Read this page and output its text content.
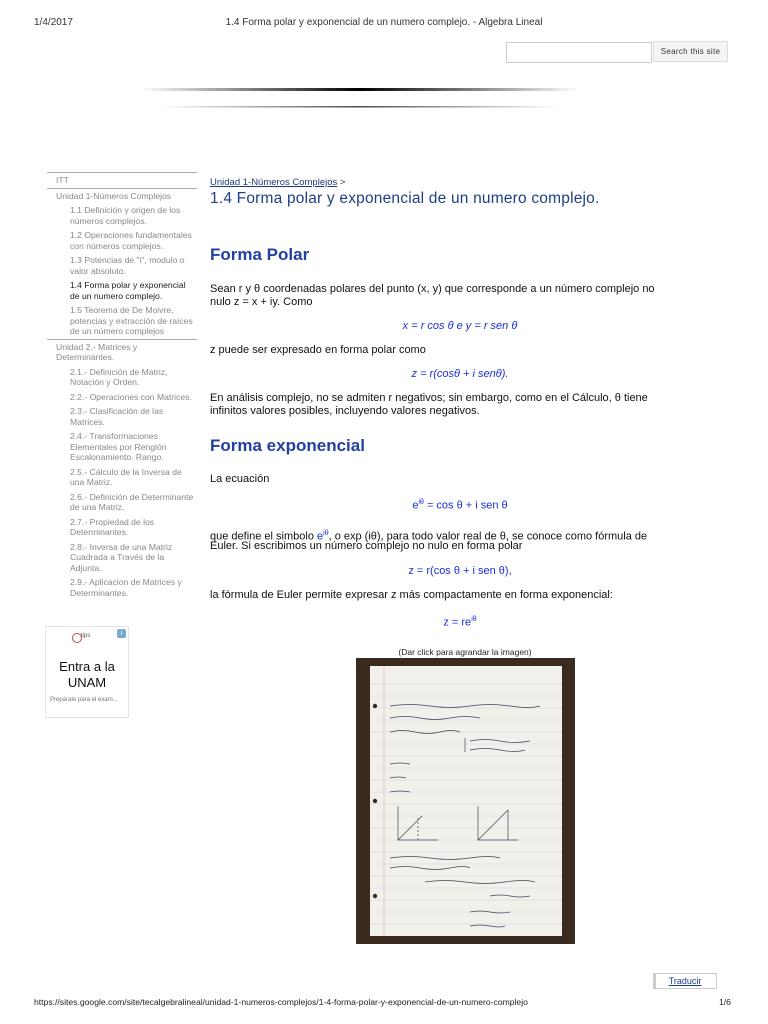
1/4/2017	1.4 Forma polar y exponencial de un numero complejo. - Algebra Lineal
Search this site
ITT
Unidad 1-Números Complejos
1.1 Definición y origen de los números complejos.
1.2 Operaciones fundamentales con números complejos.
1.3 Potencias de "i", modulo o valor absoluto.
1.4 Forma polar y exponencial de un numero complejo.
1.5 Teorema de De Moivre, potencias y extracción de raíces de un número complejos
Unidad 2.- Matrices y Determinantes.
2.1.- Definición de Matriz, Notación y Orden.
2.2.- Operaciones con Matrices.
2.3.- Clasificación de las Matrices.
2.4.- Transformaciones Elementales por Renglón Escalonamiento. Rango.
2.5.- Cálculo de la Inversa de una Matriz.
2.6.- Definición de Determinante de una Matriz.
2.7.- Propiedad de los Determinantes.
2.8.- Inversa de una Matriz Cuadrada a Través de la Adjunta.
2.9.- Aplicacion de Matrices y Determinantes.
tips	i
Entra a la UNAM
Prepárate para el exam...
Unidad 1-Números Complejos >
1.4 Forma polar y exponencial de un numero complejo.
Forma Polar
Sean r y θ coordenadas polares del punto (x, y) que corresponde a un número complejo no
nulo z = x + iy. Como
x = r cos θ e y = r sen θ
z puede ser expresado en forma polar como
z = r(cosθ + i senθ).
En análisis complejo, no se admiten r negativos; sin embargo, como en el Cálculo, θ tiene
infinitos valores posibles, incluyendo valores negativos.
Forma exponencial
La ecuación
$e^{i\theta} = \cos \theta + i$ sen θ
que define el simbolo $e^{i\theta}$, o exp (iθ), para todo valor real de θ, se conoce como fórmula de
Euler. Si escribimos un número complejo no nulo en forma polar
z = r(cos θ + i sen θ),
la fórmula de Euler permite expresar z más compactamente en forma exponencial:
$z = re^{i\theta}$
(Dar click para agrandar la imagen)
Traducir
https://sites.google.com/site/tecalgebralineal/unidad-1-numeros-complejos/1-4-forma-polar-y-exponencial-de-un-numero-complejo	1/6
